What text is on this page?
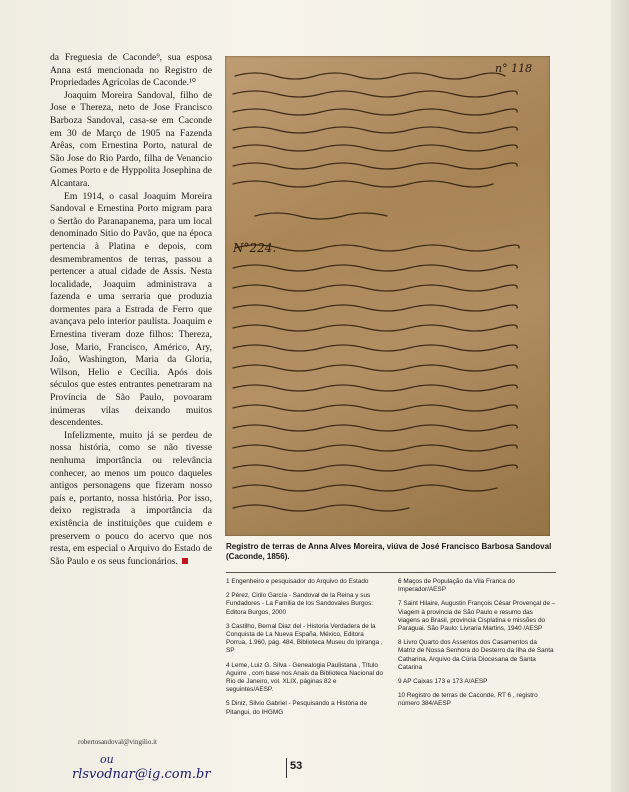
da Freguesia de Caconde⁹, sua esposa Anna está mencionada no Registro de Propriedades Agrícolas de Caconde.¹⁰

Joaquim Moreira Sandoval, filho de Jose e Thereza, neto de Jose Francisco Barboza Sandoval, casa-se em Caconde em 30 de Março de 1905 na Fazenda Arêas, com Ernestina Porto, natural de São Jose do Rio Pardo, filha de Venancio Gomes Porto e de Hyppolita Josephina de Alcantara.

Em 1914, o casal Joaquim Moreira Sandoval e Ernestina Porto migram para o Sertão do Paranapanema, para um local denominado Sitio do Pavão, que na época pertencia à Platina e depois, com desmembramentos de terras, passou a pertencer a atual cidade de Assis. Nesta localidade, Joaquim administrava a fazenda e uma serraria que produzia dormentes para a Estrada de Ferro que avançava pelo interior paulista. Joaquim e Ernestina tiveram doze filhos: Thereza, Jose, Mario, Francisco, Américo, Ary, João, Washington, Maria da Gloria, Wilson, Helio e Cecília. Após dois séculos que estes entrantes penetraram na Província de São Paulo, povoaram inúmeras vilas deixando muitos descendentes.

Infelizmente, muito já se perdeu de nossa história, como se não tivesse nenhuma importância ou relevância conhecer, ao menos um pouco daqueles antigos personagens que fizeram nosso país e, portanto, nossa história. Por isso, deixo registrada a importância da existência de instituições que cuidem e preservem o pouco do acervo que nos resta, em especial o Arquivo do Estado de São Paulo e os seus funcionários.

robertosandoval@vingilio.it
ou
rlsvodnar@ig.com.br
n° 118
N°224.
Registro de terras de Anna Alves Moreira, viúva de José Francisco Barbosa Sandoval (Caconde, 1856).
1 Engenheiro e pesquisador do Arquivo do Estado
2 Pérez, Cirilo García - Sandoval de la Reina y sus Fundadores - La Familia de los Sandovales Burgos: Editora Burgos, 2000
3 Castilho, Bernal Diaz del - Historia Verdadera de la Conquista de La Nueva España. México, Editora Porrua, 1.960, pág. 484, Biblioteca Museu do Ipiranga , SP
4 Leme, Luiz G. Silva - Genealogia Paulistana , Título Aguirre , com base nos Anais da Biblioteca Nacional do Rio de Janeiro, vol. XLIX, páginas 82 e seguintes/AESP.
5 Diniz, Silvio Gabriel - Pesquisando a História de Pitangui, do IHGMG
6 Maços de População da Vila Franca do Imperador/AESP
7 Saint Hilaire, Augustin François César Provençal de – Viagem à provincia de São Paulo e resumo das viagens ao Brasil, provincia Cisplatina e missões do Paraguai. São Paulo: Livraria Martins, 1940 /AESP
8 Livro Quarto dos Assentos dos Casamentos da Matriz de Nossa Senhora do Desterro da Ilha de Santa Catharina, Arquivo da Cúria Diocesana de Santa Catarina
9 AP Caixas 173 e 173 A/AESP
10 Registro de terras de Caconde, RT 6 , registro número 384/AESP
53
